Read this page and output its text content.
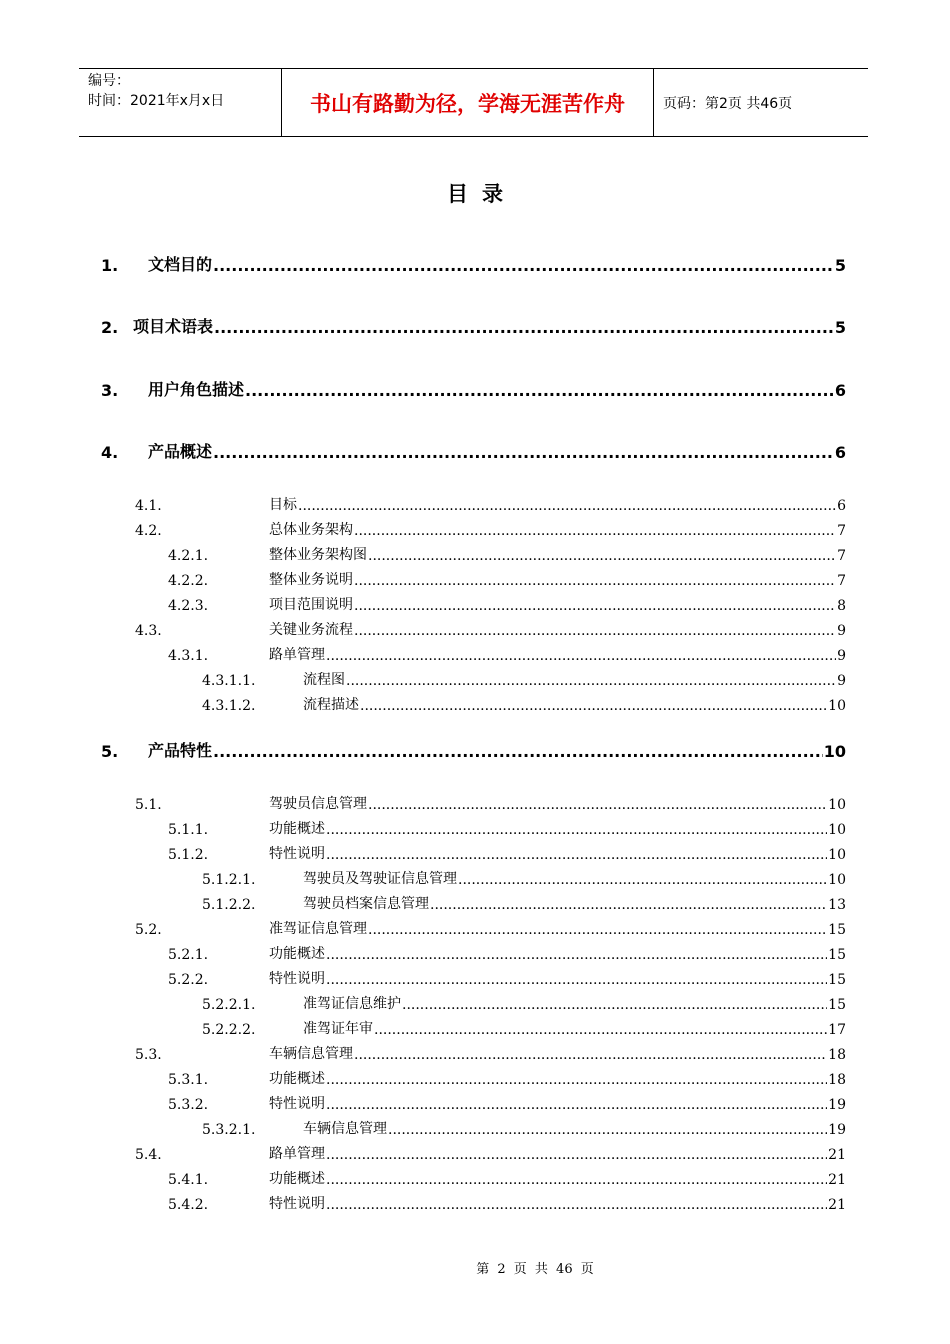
编号：
时间：2021年x月x日	书山有路勤为径，学海无涯苦作舟	页码：第2页 共46页
目录
1. 文档目的 .....	5
2. 项目术语表 .....	5
3. 用户角色描述 .....	6
4. 产品概述 .....	6
4.1.	目标 .....	6
4.2.	总体业务架构 .....	7
4.2.1.	整体业务架构图 .....	7
4.2.2.	整体业务说明 .....	7
4.2.3.	项目范围说明 .....	8
4.3.	关键业务流程 .....	9
4.3.1.	路单管理 .....	9
4.3.1.1.	流程图 .....	9
4.3.1.2.	流程描述 .....	10
5. 产品特性 .....	10
5.1.	驾驶员信息管理 .....	10
5.1.1.	功能概述 .....	10
5.1.2.	特性说明 .....	10
5.1.2.1.	驾驶员及驾驶证信息管理 .....	10
5.1.2.2.	驾驶员档案信息管理 .....	13
5.2.	准驾证信息管理 .....	15
5.2.1.	功能概述 .....	15
5.2.2.	特性说明 .....	15
5.2.2.1.	准驾证信息维护 .....	15
5.2.2.2.	准驾证年审 .....	17
5.3.	车辆信息管理 .....	18
5.3.1.	功能概述 .....	18
5.3.2.	特性说明 .....	19
5.3.2.1.	车辆信息管理 .....	19
5.4.	路单管理 .....	21
5.4.1.	功能概述 .....	21
5.4.2.	特性说明 .....	21
第 2 页 共 46 页
